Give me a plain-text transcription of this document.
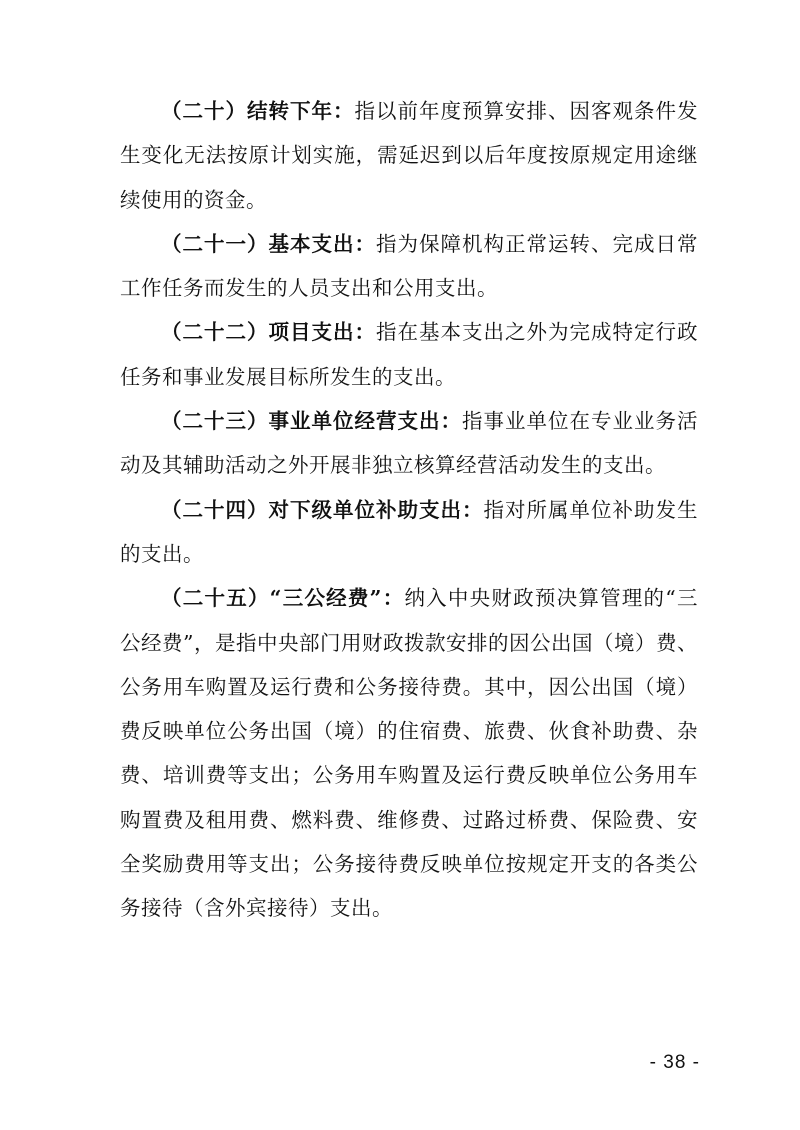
（二十）结转下年：指以前年度预算安排、因客观条件发生变化无法按原计划实施，需延迟到以后年度按原规定用途继续使用的资金。

（二十一）基本支出：指为保障机构正常运转、完成日常工作任务而发生的人员支出和公用支出。

（二十二）项目支出：指在基本支出之外为完成特定行政任务和事业发展目标所发生的支出。

（二十三）事业单位经营支出：指事业单位在专业业务活动及其辅助活动之外开展非独立核算经营活动发生的支出。

（二十四）对下级单位补助支出：指对所属单位补助发生的支出。

（二十五）“三公经费”：纳入中央财政预决算管理的“三公经费”，是指中央部门用财政拨款安排的因公出国（境）费、公务用车购置及运行费和公务接待费。其中，因公出国（境）费反映单位公务出国（境）的住宿费、旅费、伙食补助费、杂费、培训费等支出；公务用车购置及运行费反映单位公务用车购置费及租用费、燃料费、维修费、过路过桥费、保险费、安全奖励费用等支出；公务接待费反映单位按规定开支的各类公务接待（含外宾接待）支出。

- 38 -
